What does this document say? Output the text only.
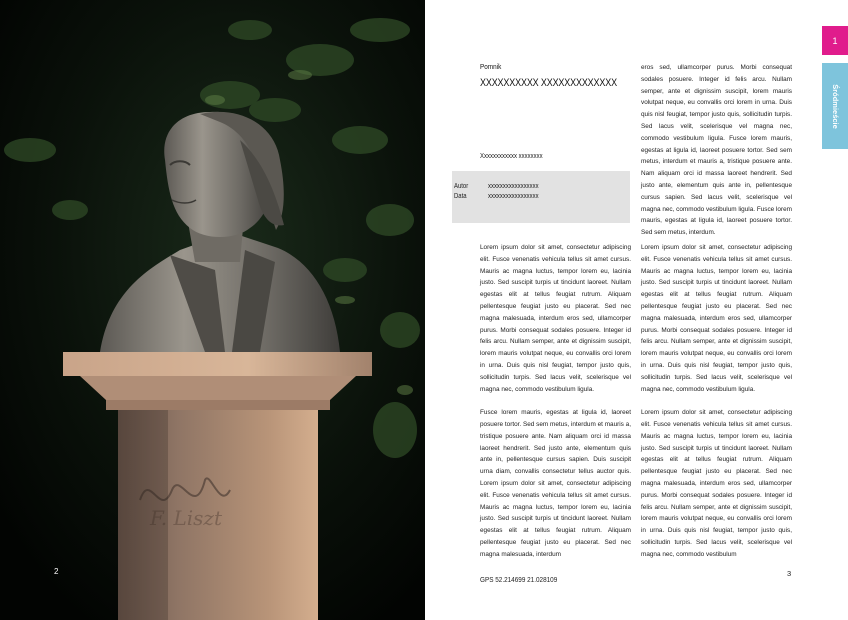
F. Liszt
2
Pomnik
XXXXXXXXXX XXXXXXXXXXXXX
Xxxxxxxxxxxx xxxxxxxx
Autor	xxxxxxxxxxxxxxxxx
Data	xxxxxxxxxxxxxxxxx

Lorem ipsum dolor sit amet, consectetur adipiscing elit. Fusce venenatis vehicula tellus sit amet cursus. Mauris ac magna luctus, tempor lorem eu, lacinia justo. Sed suscipit turpis ut tincidunt laoreet. Nullam egestas elit at tellus feugiat rutrum. Aliquam pellentesque feugiat justo eu placerat. Sed nec magna malesuada, interdum eros sed, ullamcorper purus. Morbi consequat sodales posuere. Integer id felis arcu. Nullam semper, ante et dignissim suscipit, lorem mauris volutpat neque, eu convallis orci lorem in urna. Duis quis nisl feugiat, tempor justo quis, sollicitudin turpis. Sed lacus velit, scelerisque vel magna nec, commodo vestibulum ligula.

Fusce lorem mauris, egestas at ligula id, laoreet posuere tortor. Sed sem metus, interdum et mauris a, tristique posuere ante. Nam aliquam orci id massa laoreet hendrerit. Sed justo ante, elementum quis ante in, pellentesque cursus sapien. Duis suscipit urna diam, convallis consectetur tellus auctor quis. Lorem ipsum dolor sit amet, consectetur adipiscing elit. Fusce venenatis vehicula tellus sit amet cursus. Mauris ac magna luctus, tempor lorem eu, lacinia justo. Sed suscipit turpis ut tincidunt laoreet. Nullam egestas elit at tellus feugiat rutrum. Aliquam pellentesque feugiat justo eu placerat. Sed nec magna malesuada, interdum

eros sed, ullamcorper purus. Morbi consequat sodales posuere. Integer id felis arcu. Nullam semper, ante et dignissim suscipit, lorem mauris volutpat neque, eu convallis orci lorem in urna. Duis quis nisl feugiat, tempor justo quis, sollicitudin turpis. Sed lacus velit, scelerisque vel magna nec, commodo vestibulum ligula. Fusce lorem mauris, egestas at ligula id, laoreet posuere tortor. Sed sem metus, interdum et mauris a, tristique posuere ante. Nam aliquam orci id massa laoreet hendrerit. Sed justo ante, elementum quis ante in, pellentesque cursus sapien. Sed lacus velit, scelerisque vel magna nec, commodo vestibulum ligula. Fusce lorem mauris, egestas at ligula id, laoreet posuere tortor. Sed sem metus, interdum.

Lorem ipsum dolor sit amet, consectetur adipiscing elit. Fusce venenatis vehicula tellus sit amet cursus. Mauris ac magna luctus, tempor lorem eu, lacinia justo. Sed suscipit turpis ut tincidunt laoreet. Nullam egestas elit at tellus feugiat rutrum. Aliquam pellentesque feugiat justo eu placerat. Sed nec magna malesuada, interdum eros sed, ullamcorper purus. Morbi consequat sodales posuere. Integer id felis arcu. Nullam semper, ante et dignissim suscipit, lorem mauris volutpat neque, eu convallis orci lorem in urna. Duis quis nisl feugiat, tempor justo quis, sollicitudin turpis. Sed lacus velit, scelerisque vel magna nec, commodo vestibulum ligula.

Lorem ipsum dolor sit amet, consectetur adipiscing elit. Fusce venenatis vehicula tellus sit amet cursus. Mauris ac magna luctus, tempor lorem eu, lacinia justo. Sed suscipit turpis ut tincidunt laoreet. Nullam egestas elit at tellus feugiat rutrum. Aliquam pellentesque feugiat justo eu placerat. Sed nec magna malesuada, interdum eros sed, ullamcorper purus. Morbi consequat sodales posuere. Integer id felis arcu. Nullam semper, ante et dignissim suscipit, lorem mauris volutpat neque, eu convallis orci lorem in urna. Duis quis nisl feugiat, tempor justo quis, sollicitudin turpis. Sed lacus velit, scelerisque vel magna nec, commodo vestibulum

GPS 52.214699 21.028109
3
1
Śródmieście
